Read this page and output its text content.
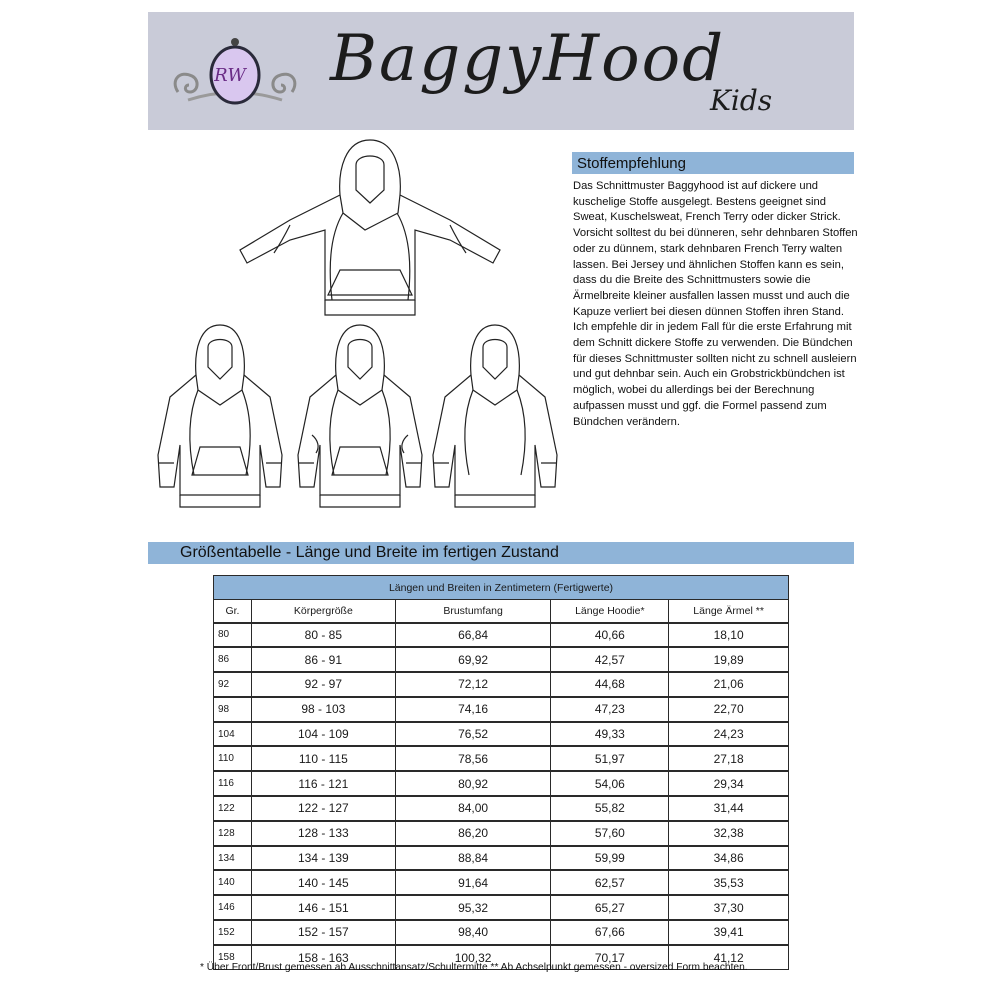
RW BaggyHood
Kids
Stoffempfehlung
Das Schnittmuster Baggyhood ist auf dickere und kuschelige Stoffe ausgelegt. Bestens geeignet sind Sweat, Kuschelsweat, French Terry oder dicker Strick. Vorsicht solltest du bei dünneren, sehr dehnbaren Stoffen oder zu dünnem, stark dehnbaren French Terry walten lassen. Bei Jersey und ähnlichen Stoffen kann es sein, dass du die Breite des Schnittmusters sowie die Ärmelbreite kleiner ausfallen lassen musst und auch die Kapuze verliert bei diesen dünnen Stoffen ihren Stand. Ich empfehle dir in jedem Fall für die erste Erfahrung mit dem Schnitt dickere Stoffe zu verwenden. Die Bündchen für dieses Schnittmuster sollten nicht zu schnell ausleiern und gut dehnbar sein. Auch ein Grobstrickbündchen ist möglich, wobei du allerdings bei der Berechnung aufpassen musst und ggf. die Formel passend zum Bündchen verändern.
Größentabelle - Länge und Breite im fertigen Zustand
Längen und Breiten in Zentimetern (Fertigwerte)				
Gr.	Körpergröße	Brustumfang	Länge Hoodie*	Länge Ärmel **
80	80 - 85	66,84	40,66	18,10
86	86 - 91	69,92	42,57	19,89
92	92 - 97	72,12	44,68	21,06
98	98 - 103	74,16	47,23	22,70
104	104 - 109	76,52	49,33	24,23
110	110 - 115	78,56	51,97	27,18
116	116 - 121	80,92	54,06	29,34
122	122 - 127	84,00	55,82	31,44
128	128 - 133	86,20	57,60	32,38
134	134 - 139	88,84	59,99	34,86
140	140 - 145	91,64	62,57	35,53
146	146 - 151	95,32	65,27	37,30
152	152 - 157	98,40	67,66	39,41
158	158 - 163	100,32	70,17	41,12
* Über Front/Brust gemessen ab Ausschnittansatz/Schultermitte ** Ab Achselpunkt gemessen - oversized Form beachten.
